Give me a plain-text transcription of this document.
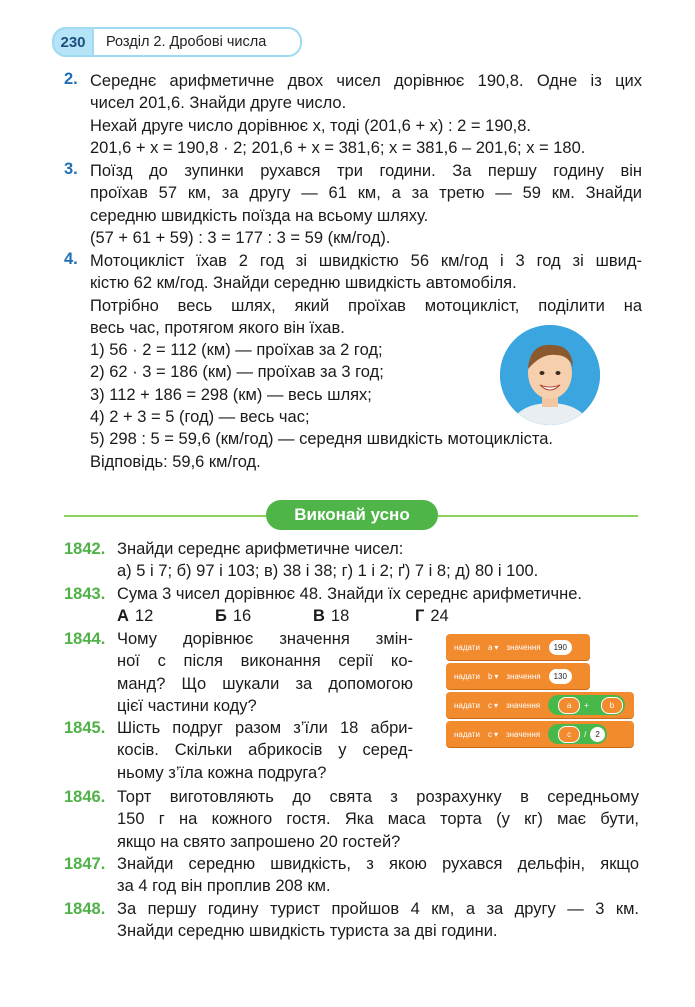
230	Розділ 2. Дробові числа
2. Середнє арифметичне двох чисел дорівнює 190,8. Одне із цих

чисел 201,6. Знайди друге число.

Нехай друге число дорівнює x, тоді (201,6 + x) : 2 = 190,8.

201,6 + x = 190,8 · 2; 201,6 + x = 381,6; x = 381,6 – 201,6; x = 180.

3. Поїзд до зупинки рухався три години. За першу годину він

проїхав 57 км, за другу — 61 км, а за третю — 59 км. Знайди

середню швидкість поїзда на всьому шляху.

(57 + 61 + 59) : 3 = 177 : 3 = 59 (км/год).

4. Мотоцикліст їхав 2 год зі швидкістю 56 км/год і 3 год зі швид-

кістю 62 км/год. Знайди середню швидкість автомобіля.

Потрібно весь шлях, який проїхав мотоцикліст, поділити на

весь час, протягом якого він їхав.

1) 56 · 2 = 112 (км) — проїхав за 2 год;

2) 62 · 3 = 186 (км) — проїхав за 3 год;

3) 112 + 186 = 298 (км) — весь шлях;

4) 2 + 3 = 5 (год) — весь час;

5) 298 : 5 = 59,6 (км/год) — середня швидкість мотоцикліста.

Відповідь: 59,6 км/год.

Виконай усно
1842. Знайди середнє арифметичне чисел:

а) 5 і 7; б) 97 і 103; в) 38 і 38; г) 1 і 2; ґ) 7 і 8; д) 80 і 100.

1843. Сума 3 чисел дорівнює 48. Знайди їх середнє арифметичне.

А 12	Б 16	В 18	Г 24

1844. Чому дорівнює значення змін-

ної c після виконання серії ко-

манд? Що шукали за допомогою

цієї частини коду?

1845. Шість подруг разом з’їли 18 абри-

косів. Скільки абрикосів у серед-

ньому з’їла кожна подруга?

1846. Торт виготовляють до свята з розрахунку в середньому

150 г на кожного гостя. Яка маса торта (у кг) має бути,

якщо на свято запрошено 20 гостей?

1847. Знайди середню швидкість, з якою рухався дельфін, якщо

за 4 год він проплив 208 км.

1848. За першу годину турист пройшов 4 км, а за другу — 3 км.

Знайди середню швидкість туриста за дві години.

надати a ▾ значення	190
надати b ▾ значення	130
надати c ▾ значення	a	+	b
надати c ▾ значення	c	/	2
